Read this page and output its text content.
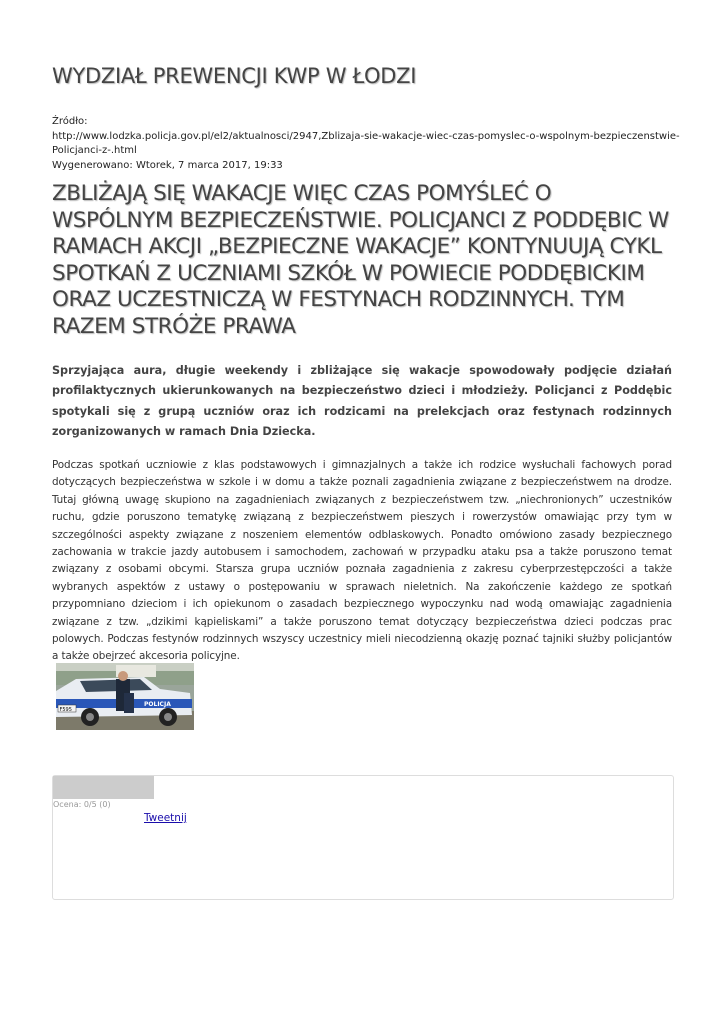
WYDZIAŁ PREWENCJI KWP W ŁODZI
Źródło:
http://www.lodzka.policja.gov.pl/el2/aktualnosci/2947,Zblizaja-sie-wakacje-wiec-czas-pomyslec-o-wspolnym-bezpieczenstwie-
Policjanci-z-.html
Wygenerowano: Wtorek, 7 marca 2017, 19:33
ZBLIŻAJĄ SIĘ WAKACJE WIĘC CZAS POMYŚLEĆ O WSPÓLNYM BEZPIECZEŃSTWIE. POLICJANCI Z PODDĘBIC W RAMACH AKCJI „BEZPIECZNE WAKACJE” KONTYNUUJĄ CYKL SPOTKAŃ Z UCZNIAMI SZKÓŁ W POWIECIE PODDĘBICKIM ORAZ UCZESTNICZĄ W FESTYNACH RODZINNYCH. TYM RAZEM STRÓŻE PRAWA

Sprzyjająca aura, długie weekendy i zbliżające się wakacje spowodowały podjęcie działań profilaktycznych ukierunkowanych na bezpieczeństwo dzieci i młodzieży. Policjanci z Poddębic spotykali się z grupą uczniów oraz ich rodzicami na prelekcjach oraz festynach rodzinnych zorganizowanych w ramach Dnia Dziecka.

Podczas spotkań uczniowie z klas podstawowych i gimnazjalnych a także ich rodzice wysłuchali fachowych porad dotyczących bezpieczeństwa w szkole i w domu a także poznali zagadnienia związane z bezpieczeństwem na drodze. Tutaj główną uwagę skupiono na zagadnieniach związanych z bezpieczeństwem tzw. „niechronionych” uczestników ruchu, gdzie poruszono tematykę związaną z bezpieczeństwem pieszych i rowerzystów omawiając przy tym w szczególności aspekty związane z noszeniem elementów odblaskowych. Ponadto omówiono zasady bezpiecznego zachowania w trakcie jazdy autobusem i samochodem, zachowań w przypadku ataku psa a także poruszono temat związany z osobami obcymi. Starsza grupa uczniów poznała zagadnienia z zakresu cyberprzestępczości a także wybranych aspektów z ustawy o postępowaniu w sprawach nieletnich. Na zakończenie każdego ze spotkań przypomniano dzieciom i ich opiekunom o zasadach bezpiecznego wypoczynku nad wodą omawiając zagadnienia związane z tzw. „dzikimi kąpieliskami” a także poruszono temat dotyczący bezpieczeństwa dzieci podczas prac polowych. Podczas festynów rodzinnych wszyscy uczestnicy mieli niecodzienną okazję poznać tajniki służby policjantów a także obejrzeć akcesoria policyjne.

POLICJA
F595
Ocena: 0/5 (0)
Tweetnij
